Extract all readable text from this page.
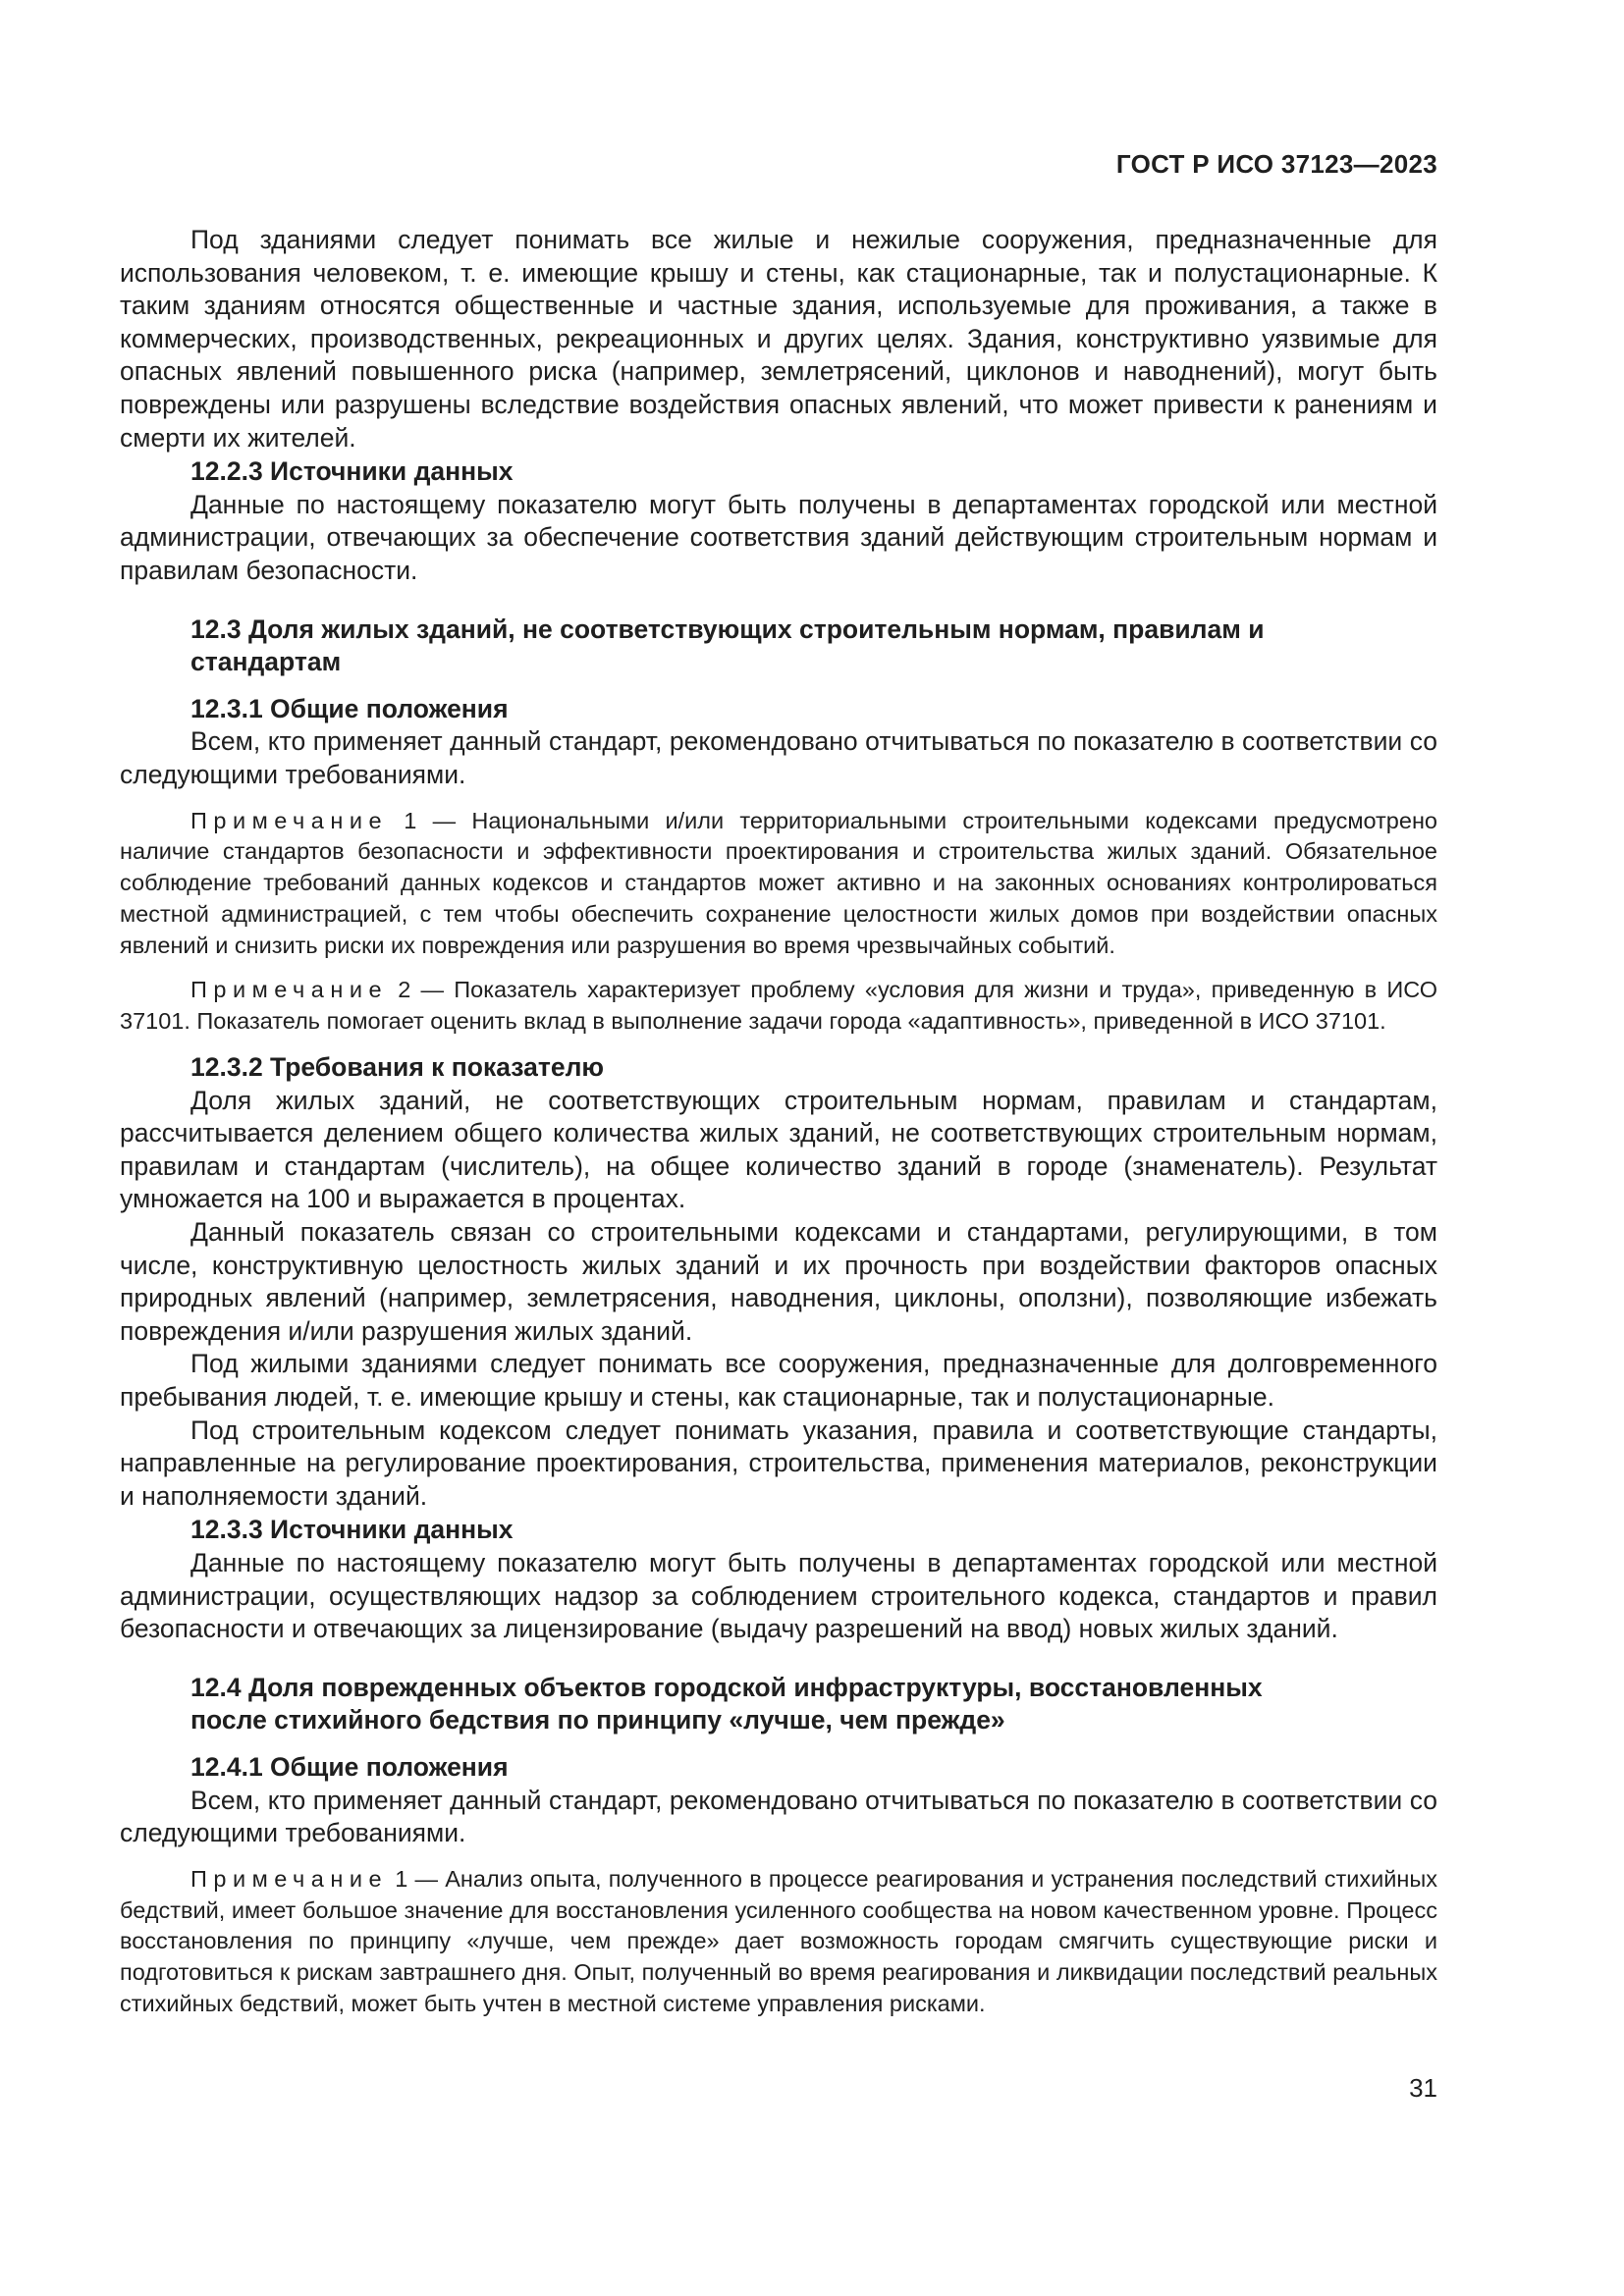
ГОСТ Р ИСО 37123—2023

Под зданиями следует понимать все жилые и нежилые сооружения, предназначенные для использования человеком, т. е. имеющие крышу и стены, как стационарные, так и полустационарные. К таким зданиям относятся общественные и частные здания, используемые для проживания, а также в коммерческих, производственных, рекреационных и других целях. Здания, конструктивно уязвимые для опасных явлений повышенного риска (например, землетрясений, циклонов и наводнений), могут быть повреждены или разрушены вследствие воздействия опасных явлений, что может привести к ранениям и смерти их жителей.

12.2.3 Источники данных

Данные по настоящему показателю могут быть получены в департаментах городской или местной администрации, отвечающих за обеспечение соответствия зданий действующим строительным нормам и правилам безопасности.

12.3 Доля жилых зданий, не соответствующих строительным нормам, правилам и стандартам

12.3.1 Общие положения

Всем, кто применяет данный стандарт, рекомендовано отчитываться по показателю в соответствии со следующими требованиями.

Примечание 1 — Национальными и/или территориальными строительными кодексами предусмотрено наличие стандартов безопасности и эффективности проектирования и строительства жилых зданий. Обязательное соблюдение требований данных кодексов и стандартов может активно и на законных основаниях контролироваться местной администрацией, с тем чтобы обеспечить сохранение целостности жилых домов при воздействии опасных явлений и снизить риски их повреждения или разрушения во время чрезвычайных событий.

Примечание 2 — Показатель характеризует проблему «условия для жизни и труда», приведенную в ИСО 37101. Показатель помогает оценить вклад в выполнение задачи города «адаптивность», приведенной в ИСО 37101.

12.3.2 Требования к показателю

Доля жилых зданий, не соответствующих строительным нормам, правилам и стандартам, рассчитывается делением общего количества жилых зданий, не соответствующих строительным нормам, правилам и стандартам (числитель), на общее количество зданий в городе (знаменатель). Результат умножается на 100 и выражается в процентах.

Данный показатель связан со строительными кодексами и стандартами, регулирующими, в том числе, конструктивную целостность жилых зданий и их прочность при воздействии факторов опасных природных явлений (например, землетрясения, наводнения, циклоны, оползни), позволяющие избежать повреждения и/или разрушения жилых зданий.

Под жилыми зданиями следует понимать все сооружения, предназначенные для долговременного пребывания людей, т. е. имеющие крышу и стены, как стационарные, так и полустационарные.

Под строительным кодексом следует понимать указания, правила и соответствующие стандарты, направленные на регулирование проектирования, строительства, применения материалов, реконструкции и наполняемости зданий.

12.3.3 Источники данных

Данные по настоящему показателю могут быть получены в департаментах городской или местной администрации, осуществляющих надзор за соблюдением строительного кодекса, стандартов и правил безопасности и отвечающих за лицензирование (выдачу разрешений на ввод) новых жилых зданий.

12.4 Доля поврежденных объектов городской инфраструктуры, восстановленных после стихийного бедствия по принципу «лучше, чем прежде»

12.4.1 Общие положения

Всем, кто применяет данный стандарт, рекомендовано отчитываться по показателю в соответствии со следующими требованиями.

Примечание 1 — Анализ опыта, полученного в процессе реагирования и устранения последствий стихийных бедствий, имеет большое значение для восстановления усиленного сообщества на новом качественном уровне. Процесс восстановления по принципу «лучше, чем прежде» дает возможность городам смягчить существующие риски и подготовиться к рискам завтрашнего дня. Опыт, полученный во время реагирования и ликвидации последствий реальных стихийных бедствий, может быть учтен в местной системе управления рисками.

31
